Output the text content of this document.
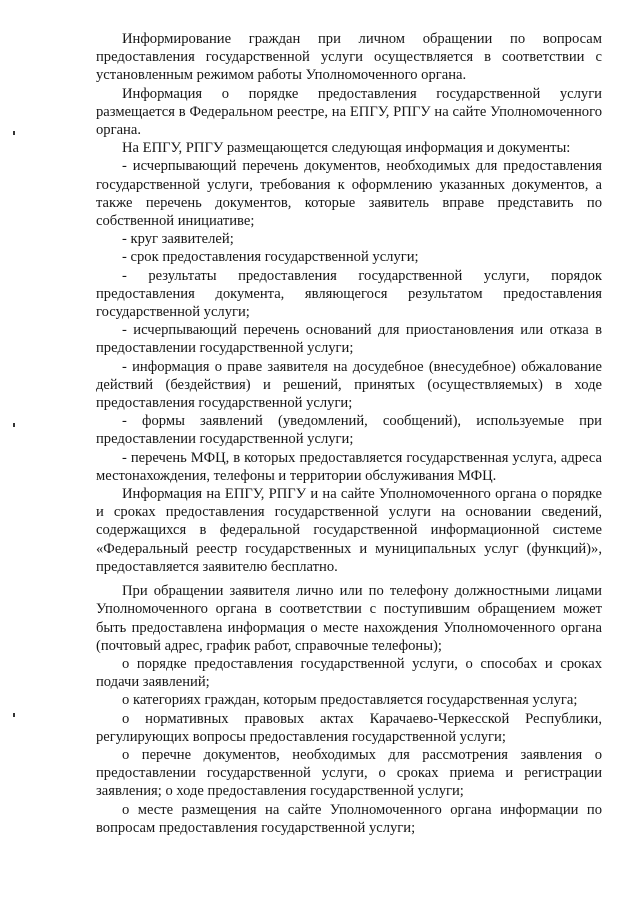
Информирование граждан при личном обращении по вопросам предоставления государственной услуги осуществляется в соответствии с установленным режимом работы Уполномоченного органа.

Информация о порядке предоставления государственной услуги размещается в Федеральном реестре, на ЕПГУ, РПГУ на сайте Уполномоченного органа.

На ЕПГУ, РПГУ размещающется следующая информация и документы:

- исчерпывающий перечень документов, необходимых для предоставления государственной услуги, требования к оформлению указанных документов, а также перечень документов, которые заявитель вправе представить по собственной инициативе;

- круг заявителей;

- срок предоставления государственной услуги;

- результаты предоставления государственной услуги, порядок предоставления документа, являющегося результатом предоставления государственной услуги;

- исчерпывающий перечень оснований для приостановления или отказа в предоставлении государственной услуги;

- информация о праве заявителя на досудебное (внесудебное) обжалование действий (бездействия) и решений, принятых (осуществляемых) в ходе предоставления государственной услуги;

- формы заявлений (уведомлений, сообщений), используемые при предоставлении государственной услуги;

- перечень МФЦ, в которых предоставляется государственная услуга, адреса местонахождения, телефоны и территории обслуживания МФЦ.

Информация на ЕПГУ, РПГУ и на сайте Уполномоченного органа о порядке и сроках предоставления государственной услуги на основании сведений, содержащихся в федеральной государственной информационной системе «Федеральный реестр государственных и муниципальных услуг (функций)», предоставляется заявителю бесплатно.

При обращении заявителя лично или по телефону должностными лицами Уполномоченного органа в соответствии с поступившим обращением может быть предоставлена информация о месте нахождения Уполномоченного органа (почтовый адрес, график работ, справочные телефоны);

о порядке предоставления государственной услуги, о способах и сроках подачи заявлений;

о категориях граждан, которым предоставляется государственная услуга;

о нормативных правовых актах Карачаево-Черкесской Республики, регулирующих вопросы предоставления государственной услуги;

о перечне документов, необходимых для рассмотрения заявления о предоставлении государственной услуги, о сроках приема и регистрации заявления; о ходе предоставления государственной услуги;

о месте размещения на сайте Уполномоченного органа информации по вопросам предоставления государственной услуги;
